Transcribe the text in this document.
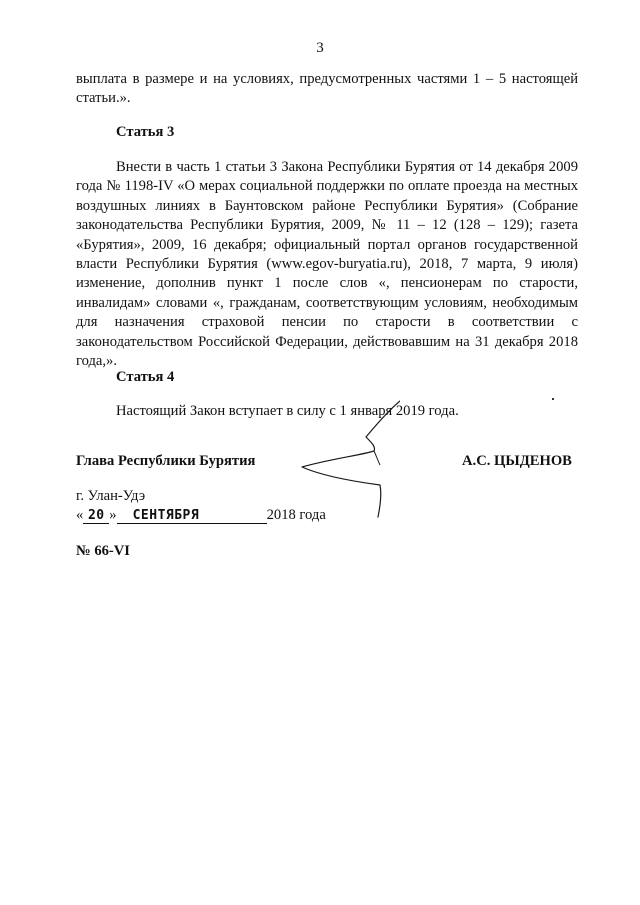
3

выплата в размере и на условиях, предусмотренных частями 1 – 5 настоящей статьи.».

Статья 3

Внести в часть 1 статьи 3 Закона Республики Бурятия от 14 декабря 2009 года № 1198-IV «О мерах социальной поддержки по оплате проезда на местных воздушных линиях в Баунтовском районе Республики Бурятия» (Собрание законодательства Республики Бурятия, 2009, № 11 – 12 (128 – 129); газета «Бурятия», 2009, 16 декабря; официальный портал органов государственной власти Республики Бурятия (www.egov-buryatia.ru), 2018, 7 марта, 9 июля) изменение, дополнив пункт 1 после слов «, пенсионерам по старости, инвалидам» словами «, гражданам, соответствующим условиям, необходимым для назначения страховой пенсии по старости в соответствии с законодательством Российской Федерации, действовавшим на 31 декабря 2018 года,».

Статья 4

Настоящий Закон вступает в силу с 1 января 2019 года.

Глава Республики Бурятия	А.С. ЦЫДЕНОВ
г. Улан-Удэ
« 20 » СЕНТЯБРЯ	2018 года
№ 66-VI
